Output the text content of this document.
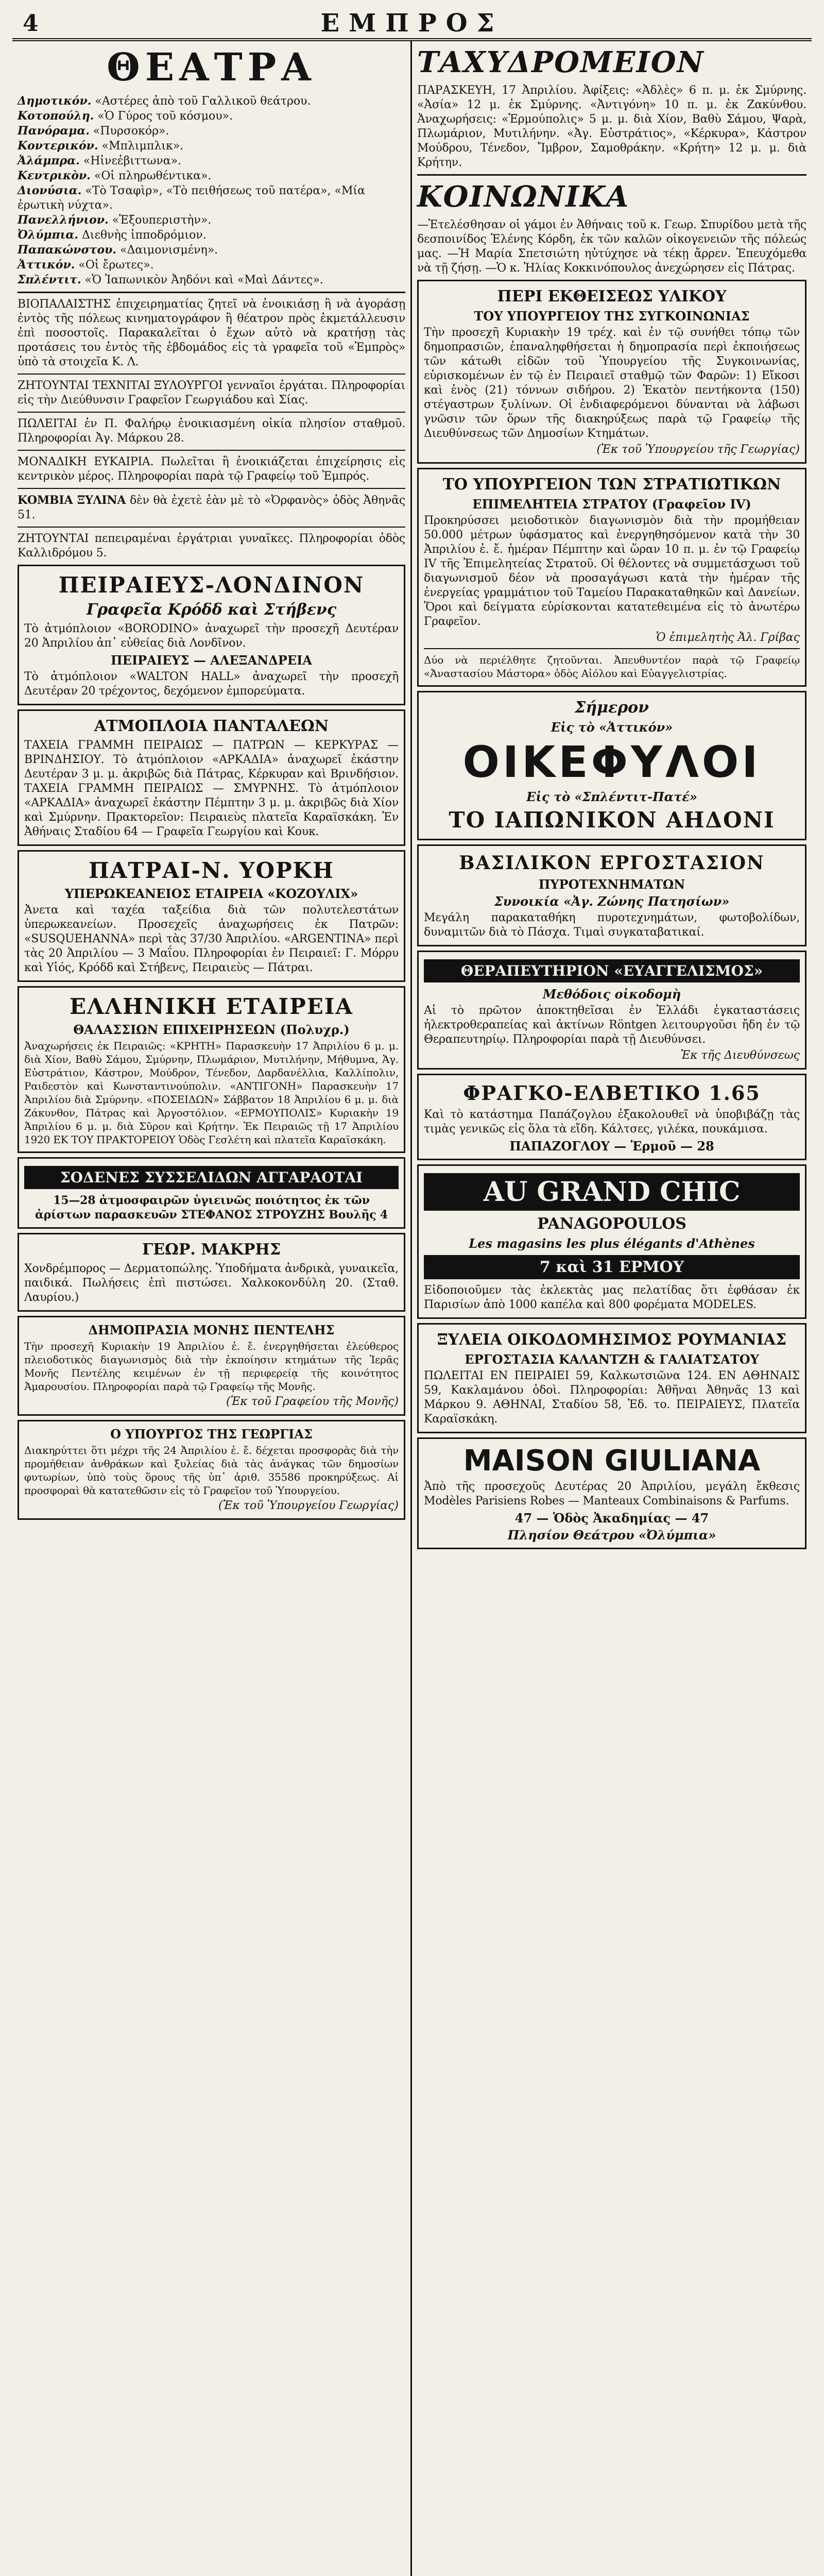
4	ΕΜΠΡΟΣ
ΘΕΑΤΡΑ
Δημοτικόν. «Αστέρες ἀπὸ τοῦ Γαλλικοῦ θεάτρου.
Κοτοπούλη. «Ὁ Γύρος τοῦ κόσμου».
Πανόραμα. «Πυρσοκόρ».
Κοντερικόν. «Μπλιμπλικ».
Ἀλάμπρα. «Ηἰνεἐβιττωνα».
Κεντρικὸν. «Οἱ πληρωθέντικα».
Διονύσια. «Τὸ Τσαφὶρ», «Τὸ πειθήσεως τοῦ πατέρα», «Μία ἐρωτικὴ νύχτα».
Πανελλήνιον. «Ἐξουπεριστὴν».
Ὀλύμπια. Διεθνὴς ἱπποδρόμιον.
Παπακώνστου. «Δαιμονισμένη».
Ἀττικόν. «Οἱ ἔρωτες».
Σπλέντιτ. «Ὁ Ἰαπωνικὸν Ἀηδόνι καὶ «Μαὶ Δάντες».
ΒΙΟΠΑΛΑΙΣΤΗΣ ἐπιχειρηματίας ζητεῖ νὰ ἐνοικιάσῃ ἢ νὰ ἀγοράσῃ ἐντὸς τῆς πόλεως κινηματογράφον ἢ θέατρον πρὸς ἐκμετάλλευσιν ἐπὶ ποσοστοῖς. Παρακαλεῖται ὁ ἔχων αὐτὸ νὰ κρατήσῃ τὰς προτάσεις του ἐντὸς τῆς ἑβδομάδος εἰς τὰ γραφεῖα τοῦ «Ἐμπρὸς» ὑπὸ τὰ στοιχεῖα Κ. Λ.
ΖΗΤΟΥΝΤΑΙ ΤΕΧΝΙΤΑΙ ΞΥΛΟΥΡΓΟΙ γενναῖοι ἐργάται. Πληροφορίαι εἰς τὴν Διεύθυνσιν Γραφεῖον Γεωργιάδου καὶ Σίας.
ΠΩΛΕΙΤΑΙ ἐν Π. Φαλήρῳ ἐνοικιασμένη οἰκία πλησίον σταθμοῦ. Πληροφορίαι Ἀγ. Μάρκου 28.
ΜΟΝΑΔΙΚΗ ΕΥΚΑΙΡΙΑ. Πωλεῖται ἢ ἐνοικιάζεται ἐπιχείρησις εἰς κεντρικὸν μέρος. Πληροφορίαι παρὰ τῷ Γραφείῳ τοῦ Ἐμπρός.
ΚΟΜΒΙΑ ΞΥΛΙΝΑ δὲν θὰ ἐχετὲ ἐὰν μὲ τὸ «Ὀρφανὸς» ὁδὸς Ἀθηνᾶς 51.
ΖΗΤΟΥΝΤΑΙ πεπειραμέναι ἐργάτριαι γυναῖκες. Πληροφορίαι ὁδὸς Καλλιδρόμου 5.
ΠΕΙΡΑΙΕΥΣ-ΛΟΝΔΙΝΟΝ
Γραφεῖα Κρόδδ καὶ Στήβενς
Τὸ ἀτμόπλοιον «BORODINO» ἀναχωρεῖ τὴν προσεχῆ Δευτέραν 20 Ἀπριλίου ἀπ᾽ εὐθείας διὰ Λονδῖνον.
ΠΕΙΡΑΙΕΥΣ — ΑΛΕΞΑΝΔΡΕΙΑ
Τὸ ἀτμόπλοιον «WALTON HALL» ἀναχωρεῖ τὴν προσεχῆ Δευτέραν 20 τρέχοντος, δεχόμενον ἐμπορεύματα.
ΑΤΜΟΠΛΟΙΑ ΠΑΝΤΑΛΕΩΝ
ΤΑΧΕΙΑ ΓΡΑΜΜΗ ΠΕΙΡΑΙΩΣ — ΠΑΤΡΩΝ — ΚΕΡΚΥΡΑΣ — ΒΡΙΝΔΗΣΙΟΥ. Τὸ ἀτμόπλοιον «ΑΡΚΑΔΙΑ» ἀναχωρεῖ ἐκάστην Δευτέραν 3 μ. μ. ἀκριβῶς διὰ Πάτρας, Κέρκυραν καὶ Βρινδήσιον. ΤΑΧΕΙΑ ΓΡΑΜΜΗ ΠΕΙΡΑΙΩΣ — ΣΜΥΡΝΗΣ. Τὸ ἀτμόπλοιον «ΑΡΚΑΔΙΑ» ἀναχωρεῖ ἐκάστην Πέμπτην 3 μ. μ. ἀκριβῶς διὰ Χίον καὶ Σμύρνην. Πρακτορεῖον: Πειραιεὺς πλατεῖα Καραϊσκάκη. Ἐν Ἀθήναις Σταδίου 64 — Γραφεῖα Γεωργίου καὶ Κουκ.
ΠΑΤΡΑΙ-Ν. ΥΟΡΚΗ
ΥΠΕΡΩΚΕΑΝΕΙΟΣ ΕΤΑΙΡΕΙΑ «ΚΟΖΟΥΛΙΧ»
Ἀνετα καὶ ταχέα ταξείδια διὰ τῶν πολυτελεστάτων ὑπερωκεανείων. Προσεχεῖς ἀναχωρήσεις ἐκ Πατρῶν: «SUSQUEHANNA» περὶ τὰς 37/30 Ἀπριλίου. «ARGENTINA» περὶ τὰς 20 Ἀπριλίου — 3 Μαΐου. Πληροφορίαι ἐν Πειραιεῖ: Γ. Μόρρυ καὶ Υἱός, Κρόδδ καὶ Στήβενς, Πειραιεὺς — Πάτραι.
ΕΛΛΗΝΙΚΗ ΕΤΑΙΡΕΙΑ
ΘΑΛΑΣΣΙΩΝ ΕΠΙΧΕΙΡΗΣΕΩΝ (Πολυχρ.)
Ἀναχωρήσεις ἐκ Πειραιῶς: «ΚΡΗΤΗ» Παρασκευὴν 17 Ἀπριλίου 6 μ. μ. διὰ Χίον, Βαθὺ Σάμου, Σμύρνην, Πλωμάριον, Μυτιλήνην, Μήθυμνα, Ἁγ. Εὐστράτιον, Κάστρον, Μούδρον, Τένεδον, Δαρδανέλλια, Καλλίπολιν, Ραιδεστὸν καὶ Κωνσταντινούπολιν. «ΑΝΤΙΓΟΝΗ» Παρασκευὴν 17 Ἀπριλίου διὰ Σμύρνην. «ΠΟΣΕΙΔΩΝ» Σάββατον 18 Ἀπριλίου 6 μ. μ. διὰ Ζάκυνθον, Πάτρας καὶ Ἀργοστόλιον. «ΕΡΜΟΥΠΟΛΙΣ» Κυριακὴν 19 Ἀπριλίου 6 μ. μ. διὰ Σῦρον καὶ Κρήτην. Ἐκ Πειραιῶς τῇ 17 Ἀπριλίου 1920 ΕΚ ΤΟΥ ΠΡΑΚΤΟΡΕΙΟΥ Ὁδὸς Γεσλέτη καὶ πλατεῖα Καραϊσκάκη.
ΣΟΔΕΝΕΣ ΣΥΣΣΕΛΙΔΩΝ ΑΓΓΑΡΑΟΤΑΙ
15—28 ἀτμοσφαιρῶν ὑγιεινῶς ποιότητος ἐκ τῶν ἀρίστων παρασκευῶν ΣΤΕΦΑΝΟΣ ΣΤΡΟΥΖΗΣ Βουλῆς 4
ΓΕΩΡ. ΜΑΚΡΗΣ
Χονδρέμπορος — Δερματοπώλης. Ὑποδήματα ἀνδρικὰ, γυναικεῖα, παιδικά. Πωλήσεις ἐπὶ πιστώσει. Χαλκοκονδύλη 20. (Σταθ. Λαυρίου.)
ΔΗΜΟΠΡΑΣΙΑ ΜΟΝΗΣ ΠΕΝΤΕΛΗΣ
Τὴν προσεχῆ Κυριακὴν 19 Ἀπριλίου ἐ. ἔ. ἐνεργηθήσεται ἐλεύθερος πλειοδοτικὸς διαγωνισμὸς διὰ τὴν ἐκποίησιν κτημάτων τῆς Ἱερᾶς Μονῆς Πεντέλης κειμένων ἐν τῇ περιφερείᾳ τῆς κοινότητος Ἀμαρουσίου. Πληροφορίαι παρὰ τῷ Γραφείῳ τῆς Μονῆς.
(Ἐκ τοῦ Γραφείου τῆς Μονῆς)
Ο ΥΠΟΥΡΓΟΣ ΤΗΣ ΓΕΩΡΓΙΑΣ
Διακηρύττει ὅτι μέχρι τῆς 24 Ἀπριλίου ἐ. ἔ. δέχεται προσφορὰς διὰ τὴν προμήθειαν ἀνθράκων καὶ ξυλείας διὰ τὰς ἀνάγκας τῶν δημοσίων φυτωρίων, ὑπὸ τοὺς ὅρους τῆς ὑπ᾽ ἀριθ. 35586 προκηρύξεως. Αἱ προσφοραὶ θὰ κατατεθῶσιν εἰς τὸ Γραφεῖον τοῦ Ὑπουργείου.
(Ἐκ τοῦ Ὑπουργείου Γεωργίας)
ΤΑΧΥΔΡΟΜΕΙΟΝ
ΠΑΡΑΣΚΕΥΗ, 17 Ἀπριλίου. Ἀφίξεις: «Ἀδλὲς» 6 π. μ. ἐκ Σμύρνης. «Ἀσία» 12 μ. ἐκ Σμύρνης. «Ἀντιγόνη» 10 π. μ. ἐκ Ζακύνθου. Ἀναχωρήσεις: «Ἑρμούπολις» 5 μ. μ. διὰ Χίον, Βαθὺ Σάμου, Ψαρὰ, Πλωμάριον, Μυτιλήνην. «Ἀγ. Εὐστράτιος», «Κέρκυρα», Κάστρον Μούδρου, Τένεδον, Ἴμβρον, Σαμοθράκην. «Κρήτη» 12 μ. μ. διὰ Κρήτην.
ΚΟΙΝΩΝΙΚΑ
—Ἐτελέσθησαν οἱ γάμοι ἐν Ἀθήναις τοῦ κ. Γεωρ. Σπυρίδου μετὰ τῆς δεσποινίδος Ἑλένης Κόρδη, ἐκ τῶν καλῶν οἰκογενειῶν τῆς πόλεώς μας. —Ἡ Μαρία Σπετσιώτη ηὐτύχησε νὰ τέκῃ ἄρρεν. Ἐπευχόμεθα νὰ τῇ ζήσῃ. —Ὁ κ. Ἠλίας Κοκκινόπουλος ἀνεχώρησεν εἰς Πάτρας.
ΠΕΡΙ ΕΚΘΕΙΣΕΩΣ ΥΛΙΚΟΥ
ΤΟΥ ΥΠΟΥΡΓΕΙΟΥ ΤΗΣ ΣΥΓΚΟΙΝΩΝΙΑΣ
Τὴν προσεχῆ Κυριακὴν 19 τρέχ. καὶ ἐν τῷ συνήθει τόπῳ τῶν δημοπρασιῶν, ἐπαναληφθήσεται ἡ δημοπρασία περὶ ἐκποιήσεως τῶν κάτωθι εἰδῶν τοῦ Ὑπουργείου τῆς Συγκοινωνίας, εὑρισκομένων ἐν τῷ ἐν Πειραιεῖ σταθμῷ τῶν Φαρῶν: 1) Εἴκοσι καὶ ἑνὸς (21) τόννων σιδήρου. 2) Ἑκατὸν πεντήκοντα (150) στέγαστρων ξυλίνων. Οἱ ἐνδιαφερόμενοι δύνανται νὰ λάβωσι γνῶσιν τῶν ὅρων τῆς διακηρύξεως παρὰ τῷ Γραφείῳ τῆς Διευθύνσεως τῶν Δημοσίων Κτημάτων.
(Ἐκ τοῦ Ὑπουργείου τῆς Γεωργίας)
ΤΟ ΥΠΟΥΡΓΕΙΟΝ ΤΩΝ ΣΤΡΑΤΙΩΤΙΚΩΝ
ΕΠΙΜΕΛΗΤΕΙΑ ΣΤΡΑΤΟΥ (Γραφεῖον IV)
Προκηρύσσει μειοδοτικὸν διαγωνισμὸν διὰ τὴν προμήθειαν 50.000 μέτρων ὑφάσματος καὶ ἐνεργηθησόμενον κατὰ τὴν 30 Ἀπριλίου ἐ. ἔ. ἡμέραν Πέμπτην καὶ ὥραν 10 π. μ. ἐν τῷ Γραφείῳ IV τῆς Ἐπιμελητείας Στρατοῦ. Οἱ θέλοντες νὰ συμμετάσχωσι τοῦ διαγωνισμοῦ δέον νὰ προσαγάγωσι κατὰ τὴν ἡμέραν τῆς ἐνεργείας γραμμάτιον τοῦ Ταμείου Παρακαταθηκῶν καὶ Δανείων. Ὅροι καὶ δείγματα εὑρίσκονται κατατεθειμένα εἰς τὸ ἀνωτέρω Γραφεῖον.
Ὁ ἐπιμελητὴς Ἀλ. Γρίβας
Δύο νὰ περιέλθητε ζητοῦνται. Ἀπευθυντέον παρὰ τῷ Γραφείῳ «Ἀναστασίου Μάστορα» ὁδὸς Αἰόλου καὶ Εὐαγγελιστρίας.
Σήμερον
Εἰς τὸ «Ἀττικόν»
ΟΙΚΕΦΥΛΟΙ
Εἰς τὸ «Σπλέντιτ-Πατέ»
ΤΟ ΙΑΠΩΝΙΚΟΝ ΑΗΔΟΝΙ
ΒΑΣΙΛΙΚΟΝ ΕΡΓΟΣΤΑΣΙΟΝ
ΠΥΡΟΤΕΧΝΗΜΑΤΩΝ
Συνοικία «Ἀγ. Ζώνης Πατησίων»
Μεγάλη παρακαταθήκη πυροτεχνημάτων, φωτοβολίδων, δυναμιτῶν διὰ τὸ Πάσχα. Τιμαὶ συγκαταβατικαί.
ΘΕΡΑΠΕΥΤΗΡΙΟΝ «ΕΥΑΓΓΕΛΙΣΜΟΣ»
Μεθόδοις οἰκοδομὴ
Αἱ τὸ πρῶτον ἀποκτηθεῖσαι ἐν Ἑλλάδι ἐγκαταστάσεις ἠλεκτροθεραπείας καὶ ἀκτίνων Röntgen λειτουργοῦσι ἤδη ἐν τῷ Θεραπευτηρίῳ. Πληροφορίαι παρὰ τῇ Διευθύνσει.
Ἐκ τῆς Διευθύνσεως
ΦΡΑΓΚΟ-ΕΛΒΕΤΙΚΟ 1.65
Καὶ τὸ κατάστημα Παπάζογλου ἐξακολουθεῖ νὰ ὑποβιβάζῃ τὰς τιμὰς γενικῶς εἰς ὅλα τὰ εἴδη. Κάλτσες, γιλέκα, πουκάμισα.
ΠΑΠΑΖΟΓΛΟΥ — Ἑρμοῦ — 28
AU GRAND CHIC
PANAGOPOULOS
Les magasins les plus élégants d'Athènes
7 καὶ 31 ΕΡΜΟΥ
Εἰδοποιοῦμεν τὰς ἐκλεκτὰς μας πελατίδας ὅτι ἐφθάσαν ἐκ Παρισίων ἀπὸ 1000 καπέλα καὶ 800 φορέματα MODELES.
ΞΥΛΕΙΑ ΟΙΚΟΔΟΜΗΣΙΜΟΣ ΡΟΥΜΑΝΙΑΣ
ΕΡΓΟΣΤΑΣΙΑ ΚΑΛΑΝΤΖΗ & ΓΑΛΙΑΤΣΑΤΟΥ
ΠΩΛΕΙΤΑΙ ΕΝ ΠΕΙΡΑΙΕΙ 59, Καλκωτσιῶνα 124. ΕΝ ΑΘΗΝΑΙΣ 59, Κακλαμάνου ὁδοὶ. Πληροφορίαι: Ἀθῆναι Ἀθηνᾶς 13 καὶ Μάρκου 9. ΑΘΗΝΑΙ, Σταδίου 58, Ἐδ. το. ΠΕΙΡΑΙΕΥΣ, Πλατεῖα Καραϊσκάκη.
MAISON GIULIANA
Ἀπὸ τῆς προσεχοῦς Δευτέρας 20 Ἀπριλίου, μεγάλη ἔκθεσις Modèles Parisiens Robes — Manteaux Combinaisons & Parfums.
47 — Ὁδὸς Ἀκαδημίας — 47
Πλησίον Θεάτρου «Ὀλύμπια»
